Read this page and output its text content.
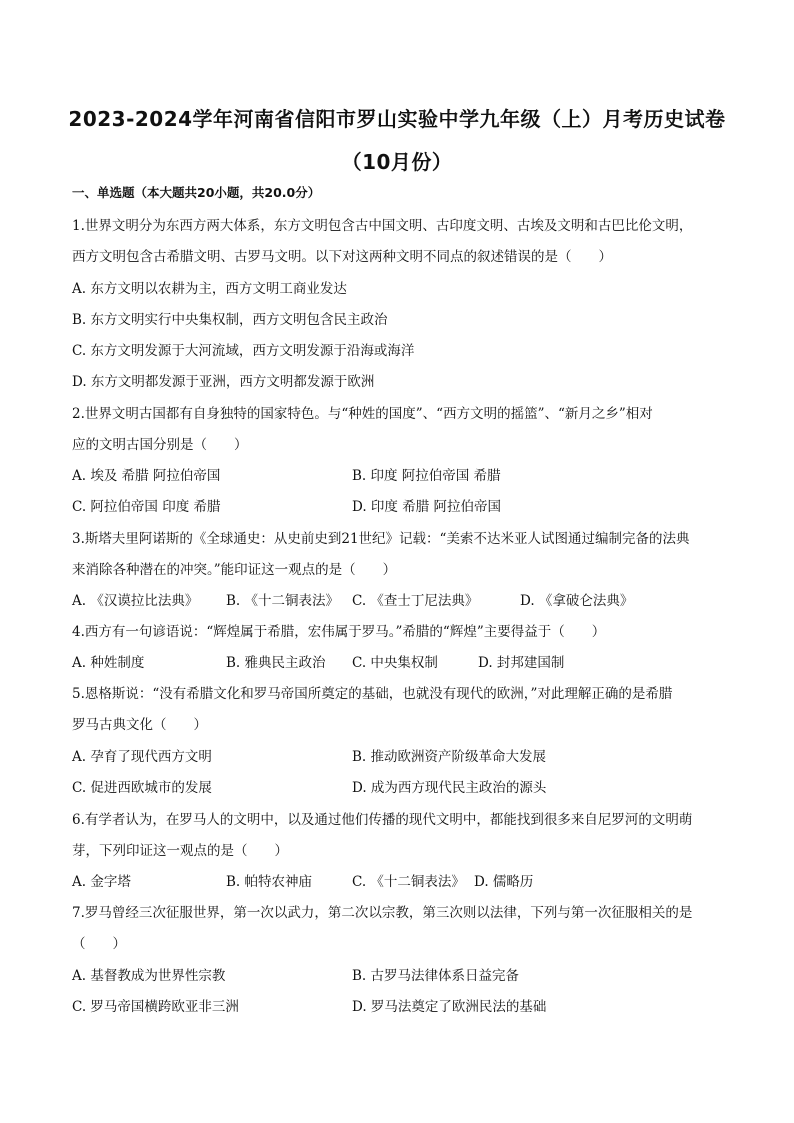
2023-2024学年河南省信阳市罗山实验中学九年级（上）月考历史试卷
（10月份）
一、单选题（本大题共20小题，共20.0分）
1.世界文明分为东西方两大体系，东方文明包含古中国文明、古印度文明、古埃及文明和古巴比伦文明，
西方文明包含古希腊文明、古罗马文明。以下对这两种文明不同点的叙述错误的是（　　）
A. 东方文明以农耕为主，西方文明工商业发达
B. 东方文明实行中央集权制，西方文明包含民主政治
C. 东方文明发源于大河流域，西方文明发源于沿海或海洋
D. 东方文明都发源于亚洲，西方文明都发源于欧洲
2.世界文明古国都有自身独特的国家特色。与“种姓的国度”、“西方文明的摇篮”、“新月之乡”相对
应的文明古国分别是（　　）
A. 埃及 希腊 阿拉伯帝国	B. 印度 阿拉伯帝国 希腊
C. 阿拉伯帝国 印度 希腊	D. 印度 希腊 阿拉伯帝国
3.斯塔夫里阿诺斯的《全球通史：从史前史到21世纪》记载：“美索不达米亚人试图通过编制完备的法典
来消除各种潜在的冲突。”能印证这一观点的是（　　）
A. 《汉谟拉比法典》 B. 《十二铜表法》 C. 《查士丁尼法典》	D. 《拿破仑法典》
4.西方有一句谚语说：“辉煌属于希腊，宏伟属于罗马。”希腊的“辉煌”主要得益于（　　）
A. 种姓制度	B. 雅典民主政治 C. 中央集权制	D. 封邦建国制
5.恩格斯说：“没有希腊文化和罗马帝国所奠定的基础，也就没有现代的欧洲，”对此理解正确的是希腊
罗马古典文化（　　）
A. 孕育了现代西方文明	B. 推动欧洲资产阶级革命大发展
C. 促进西欧城市的发展	D. 成为西方现代民主政治的源头
6.有学者认为，在罗马人的文明中，以及通过他们传播的现代文明中，都能找到很多来自尼罗河的文明萌
芽，下列印证这一观点的是（　　）
A. 金字塔	B. 帕特农神庙	C. 《十二铜表法》 D. 儒略历
7.罗马曾经三次征服世界，第一次以武力，第二次以宗教，第三次则以法律，下列与第一次征服相关的是
（　　）
A. 基督教成为世界性宗教	B. 古罗马法律体系日益完备
C. 罗马帝国横跨欧亚非三洲	D. 罗马法奠定了欧洲民法的基础
